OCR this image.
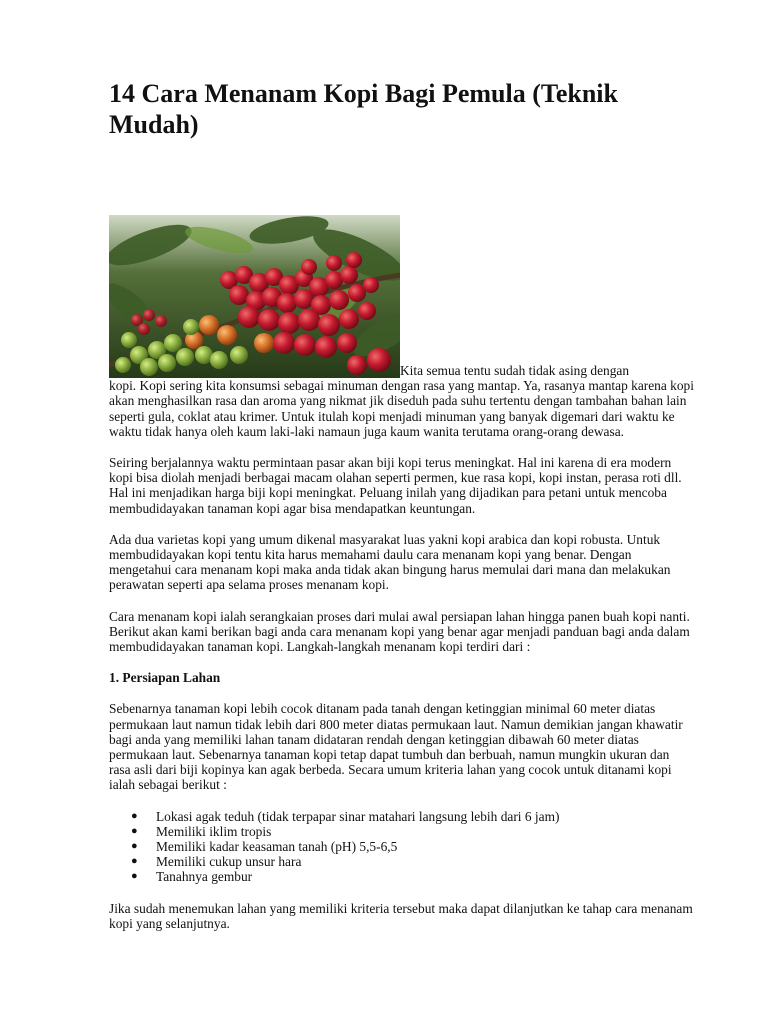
14 Cara Menanam Kopi Bagi Pemula (Teknik Mudah)
Kita semua tentu sudah tidak asing dengan
kopi. Kopi sering kita konsumsi sebagai minuman dengan rasa yang mantap. Ya, rasanya mantap karena kopi akan menghasilkan rasa dan aroma yang nikmat jik diseduh pada suhu tertentu dengan tambahan bahan lain seperti gula, coklat atau krimer. Untuk itulah kopi menjadi minuman yang banyak digemari dari waktu ke waktu tidak hanya oleh kaum laki-laki namaun juga kaum wanita terutama orang-orang dewasa.

Seiring berjalannya waktu permintaan pasar akan biji kopi terus meningkat. Hal ini karena di era modern kopi bisa diolah menjadi berbagai macam olahan seperti permen, kue rasa kopi, kopi instan, perasa roti dll. Hal ini menjadikan harga biji kopi meningkat. Peluang inilah yang dijadikan para petani untuk mencoba membudidayakan tanaman kopi agar bisa mendapatkan keuntungan.

Ada dua varietas kopi yang umum dikenal masyarakat luas yakni kopi arabica dan kopi robusta. Untuk membudidayakan kopi tentu kita harus memahami daulu cara menanam kopi yang benar. Dengan mengetahui cara menanam kopi maka anda tidak akan bingung harus memulai dari mana dan melakukan perawatan seperti apa selama proses menanam kopi.

Cara menanam kopi ialah serangkaian proses dari mulai awal persiapan lahan hingga panen buah kopi nanti. Berikut akan kami berikan bagi anda cara menanam kopi yang benar agar menjadi panduan bagi anda dalam membudidayakan tanaman kopi. Langkah-langkah menanam kopi terdiri dari :

1. Persiapan Lahan

Sebenarnya tanaman kopi lebih cocok ditanam pada tanah dengan ketinggian minimal 60 meter diatas permukaan laut namun tidak lebih dari 800 meter diatas permukaan laut. Namun demikian jangan khawatir bagi anda yang memiliki lahan tanam didataran rendah dengan ketinggian dibawah 60 meter diatas permukaan laut. Sebenarnya tanaman kopi tetap dapat tumbuh dan berbuah, namun mungkin ukuran dan rasa asli dari biji kopinya kan agak berbeda. Secara umum kriteria lahan yang cocok untuk ditanami kopi ialah sebagai berikut :

● Lokasi agak teduh (tidak terpapar sinar matahari langsung lebih dari 6 jam)
● Memiliki iklim tropis
● Memiliki kadar keasaman tanah (pH) 5,5-6,5
● Memiliki cukup unsur hara
● Tanahnya gembur

Jika sudah menemukan lahan yang memiliki kriteria tersebut maka dapat dilanjutkan ke tahap cara menanam kopi yang selanjutnya.
